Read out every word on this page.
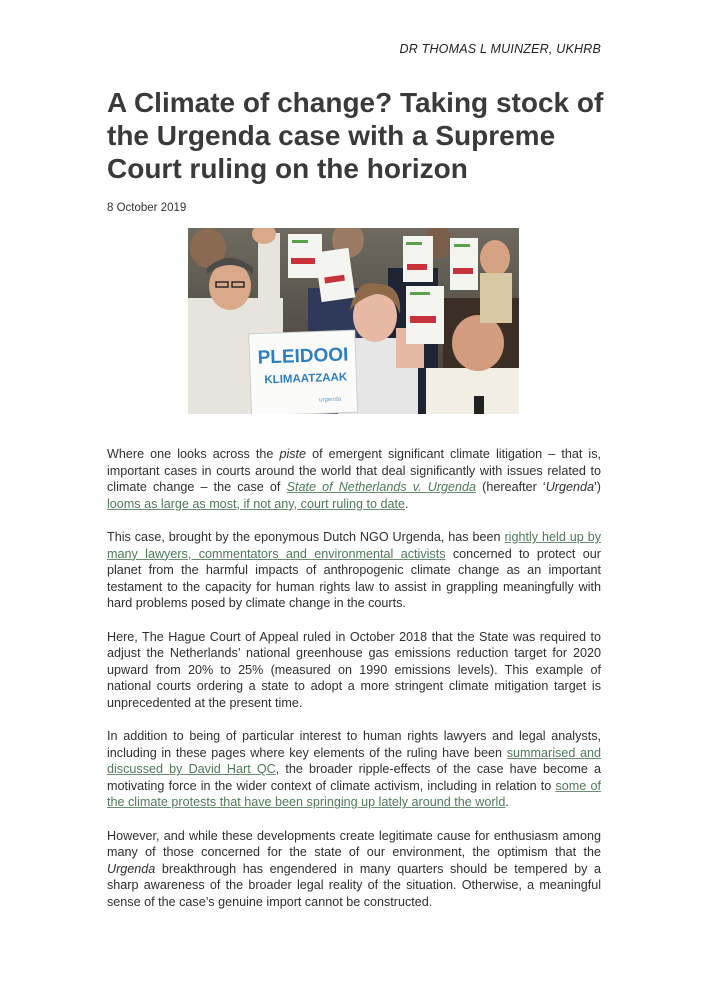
DR THOMAS L MUINZER, UKHRB
A Climate of change? Taking stock of the Urgenda case with a Supreme Court ruling on the horizon
8 October 2019
PLEIDOOI
KLIMAATZAAK
urgenda

Where one looks across the piste of emergent significant climate litigation – that is, important cases in courts around the world that deal significantly with issues related to climate change – the case of State of Netherlands v. Urgenda (hereafter ‘Urgenda’) looms as large as most, if not any, court ruling to date.

This case, brought by the eponymous Dutch NGO Urgenda, has been rightly held up by many lawyers, commentators and environmental activists concerned to protect our planet from the harmful impacts of anthropogenic climate change as an important testament to the capacity for human rights law to assist in grappling meaningfully with hard problems posed by climate change in the courts.

Here, The Hague Court of Appeal ruled in October 2018 that the State was required to adjust the Netherlands’ national greenhouse gas emissions reduction target for 2020 upward from 20% to 25% (measured on 1990 emissions levels). This example of national courts ordering a state to adopt a more stringent climate mitigation target is unprecedented at the present time.

In addition to being of particular interest to human rights lawyers and legal analysts, including in these pages where key elements of the ruling have been summarised and discussed by David Hart QC, the broader ripple-effects of the case have become a motivating force in the wider context of climate activism, including in relation to some of the climate protests that have been springing up lately around the world.

However, and while these developments create legitimate cause for enthusiasm among many of those concerned for the state of our environment, the optimism that the Urgenda breakthrough has engendered in many quarters should be tempered by a sharp awareness of the broader legal reality of the situation. Otherwise, a meaningful sense of the case’s genuine import cannot be constructed.
